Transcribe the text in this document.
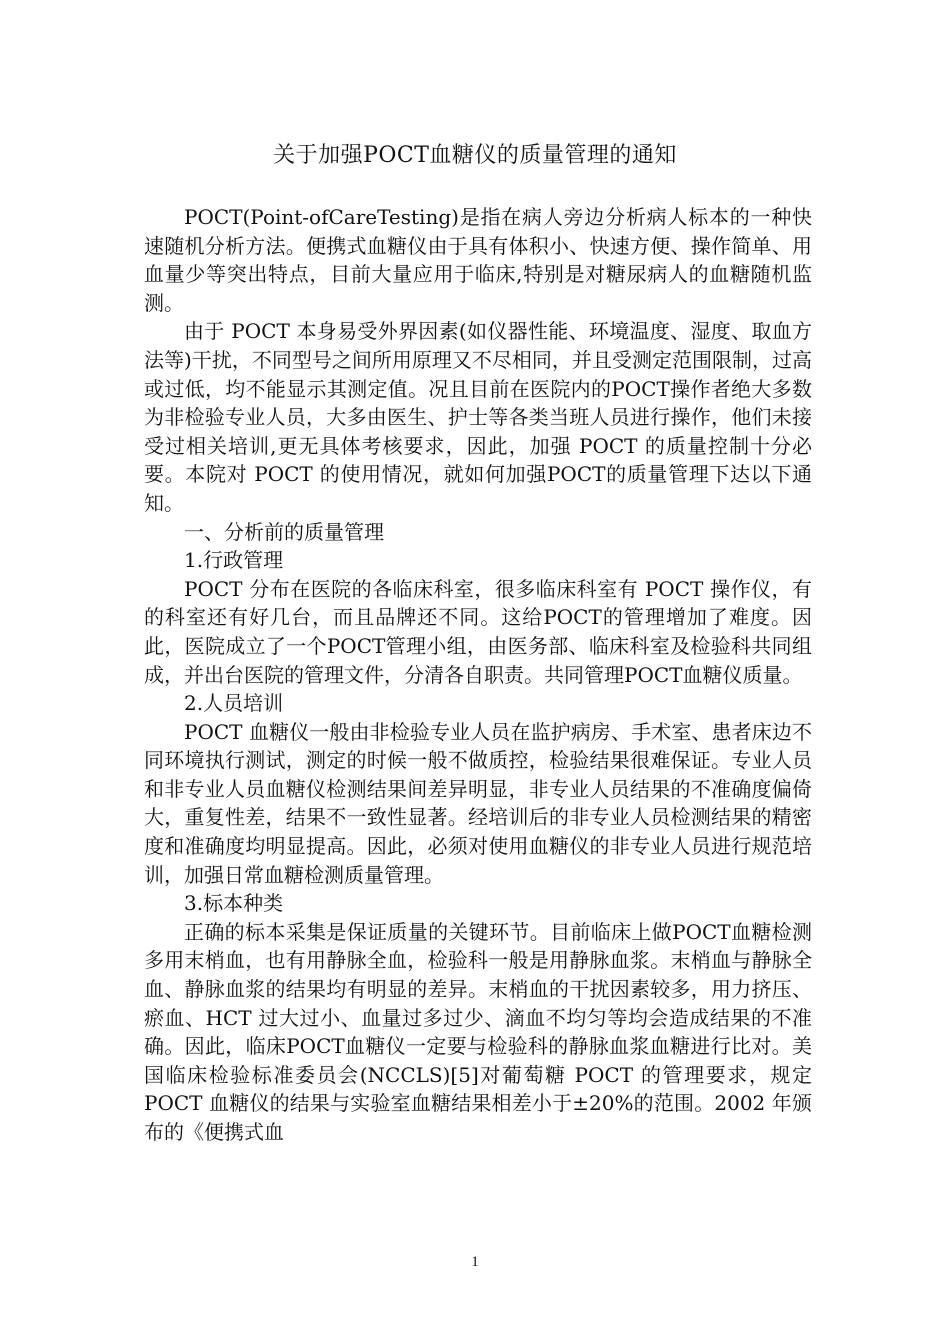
关于加强POCT血糖仪的质量管理的通知

POCT(Point-ofCareTesting)是指在病人旁边分析病人标本的一种快速随机分析方法。便携式血糖仪由于具有体积小、快速方便、操作简单、用血量少等突出特点，目前大量应用于临床,特别是对糖尿病人的血糖随机监测。

由于 POCT 本身易受外界因素(如仪器性能、环境温度、湿度、取血方法等)干扰，不同型号之间所用原理又不尽相同，并且受测定范围限制，过高或过低，均不能显示其测定值。况且目前在医院内的POCT操作者绝大多数为非检验专业人员，大多由医生、护士等各类当班人员进行操作，他们未接受过相关培训,更无具体考核要求，因此，加强 POCT 的质量控制十分必要。本院对 POCT 的使用情况，就如何加强POCT的质量管理下达以下通知。

一、分析前的质量管理

1.行政管理

POCT 分布在医院的各临床科室，很多临床科室有 POCT 操作仪，有的科室还有好几台，而且品牌还不同。这给POCT的管理增加了难度。因此，医院成立了一个POCT管理小组，由医务部、临床科室及检验科共同组成，并出台医院的管理文件，分清各自职责。共同管理POCT血糖仪质量。

2.人员培训

POCT 血糖仪一般由非检验专业人员在监护病房、手术室、患者床边不同环境执行测试，测定的时候一般不做质控，检验结果很难保证。专业人员和非专业人员血糖仪检测结果间差异明显，非专业人员结果的不准确度偏倚大，重复性差，结果不一致性显著。经培训后的非专业人员检测结果的精密度和准确度均明显提高。因此，必须对使用血糖仪的非专业人员进行规范培训，加强日常血糖检测质量管理。

3.标本种类

正确的标本采集是保证质量的关键环节。目前临床上做POCT血糖检测多用末梢血，也有用静脉全血，检验科一般是用静脉血浆。末梢血与静脉全血、静脉血浆的结果均有明显的差异。末梢血的干扰因素较多，用力挤压、瘀血、HCT 过大过小、血量过多过少、滴血不均匀等均会造成结果的不准确。因此，临床POCT血糖仪一定要与检验科的静脉血浆血糖进行比对。美国临床检验标准委员会(NCCLS)[5]对葡萄糖 POCT 的管理要求，规定 POCT 血糖仪的结果与实验室血糖结果相差小于±20%的范围。2002 年颁布的《便携式血

1
